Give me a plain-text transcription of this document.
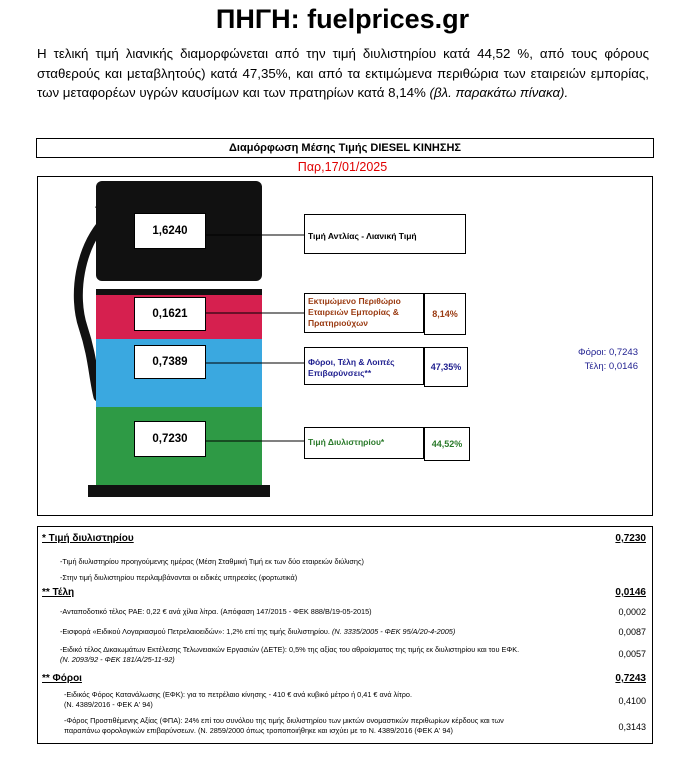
ΠΗΓΗ: fuelprices.gr
Η τελική τιμή λιανικής διαμορφώνεται από την τιμή διυλιστηρίου κατά 44,52 %, από τους φόρους σταθερούς και μεταβλητούς) κατά 47,35%, και από τα εκτιμώμενα περιθώρια των εταιρειών εμπορίας, των μεταφορέων υγρών καυσίμων και των πρατηρίων κατά 8,14% (βλ. παρακάτω πίνακα).
Διαμόρφωση Μέσης Τιμής DIESEL ΚΙΝΗΣΗΣ
Παρ,17/01/2025
1,6240	Τιμή Αντλίας - Λιανική Τιμή
0,1621
Εκτιμώμενο Περιθώριο Εταιρειών Εμπορίας & Πρατηριούχων
8,14%
0,7389	Φόροι, Τέλη & Λοιπές Επιβαρύνσεις**
47,35%
0,7230	Τιμή Διυλιστηρίου*	44,52%
Φόροι: 0,7243
Τέλη: 0,0146
* Τιμή διυλιστηρίου	0,7230
-Τιμή διυλιστηρίου προηγούμενης ημέρας (Μέση Σταθμική Τιμή εκ των δύο εταιρειών διύλισης)
-Στην τιμή διυλιστηρίου περιλαμβάνονται οι ειδικές υπηρεσίες (φορτωτικά)
** Τέλη	0,0146
-Ανταποδοτικό τέλος ΡΑΕ: 0,22 € ανά χίλια λίτρα. (Απόφαση 147/2015 - ΦΕΚ 888/Β/19-05-2015)	0,0002
-Εισφορά «Ειδικού Λογαριασμού Πετρελαιοειδών»: 1,2% επί της τιμής διυλιστηρίου. (Ν. 3335/2005 - ΦΕΚ 95/Α/20-4-2005)	0,0087
-Ειδικό τέλος Δικαιωμάτων Εκτέλεσης Τελωνειακών Εργασιών (ΔΕΤΕ): 0,5% της αξίας του αθροίσματος της τιμής εκ διυλιστηρίου και του ΕΦΚ.
(Ν. 2093/92 - ΦΕΚ 181/Α/25-11-92)
0,0057
** Φόροι	0,7243
-Ειδικός Φόρος Κατανάλωσης (ΕΦΚ): για το πετρέλαιο κίνησης - 410 € ανά κυβικό μέτρο ή 0,41 € ανά λίτρο.
(Ν. 4389/2016 - ΦΕΚ Α' 94)	0,4100
-Φόρος Προστιθέμενης Αξίας (ΦΠΑ): 24% επί του συνόλου της τιμής διυλιστηρίου των μικτών ονομαστικών περιθωρίων κέρδους και των
παραπάνω φορολογικών επιβαρύνσεων. (Ν. 2859/2000 όπως τροποποιήθηκε και ισχύει με το Ν. 4389/2016 (ΦΕΚ Α' 94)	0,3143
